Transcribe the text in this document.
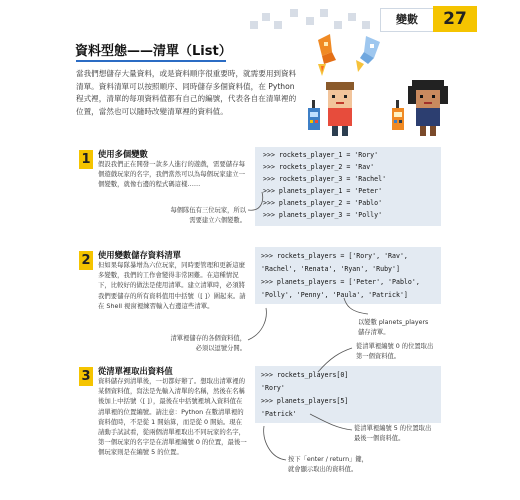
變數	27
資料型態——清單（List）
當我們想儲存大量資料，或是資料順序很重要時，就需要用到資料清單。資料清單可以按照順序、同時儲存多個資料值，在 Python 程式裡，清單的每項資料值都有自己的編號，代表各自在清單裡的位置，當然也可以隨時改變清單裡的資料值。
1 使用多個變數
假設我們正在開發一款多人進行的遊戲，需要儲存每個遊戲玩家的名字，我們當然可以為每個玩家建立一個變數，就像右邊的程式碼這樣……
>>> rockets_player_1 = 'Rory'
>>> rockets_player_2 = 'Rav'
>>> rockets_player_3 = 'Rachel'
>>> planets_player_1 = 'Peter'
>>> planets_player_2 = 'Pablo'
>>> planets_player_3 = 'Polly'
每個隊伍有三位玩家，所以
需要建立六個變數。
2 使用變數儲存資料清單
但如果每隊暴增為六位玩家，同時要管理和更新這麼多變數，我們的工作會變得非常困難。在這種情況下，比較好的做法是使用清單。建立清單時，必須將我們要儲存的所有資料值用中括號（[ ]）圍起來。請在 Shell 視窗裡練習輸入右邊這些清單。
>>> rockets_players = ['Rory', 'Rav',
'Rachel', 'Renata', 'Ryan', 'Ruby']
>>> planets_players = ['Peter', 'Pablo',
'Polly', 'Penny', 'Paula', 'Patrick']
以變數 planets_players
儲存清單。
清單裡儲存的各個資料值，
必須以逗號分開。
3 從清單裡取出資料值
資料儲存到清單後，一切都好辦了。想取出清單裡的某個資料值，寫法是先輸入清單的名稱，然後在名稱後加上中括號（[ ]），最後在中括號裡填入資料值在清單裡的位置編號。請注意：Python 在數清單裡的資料值時，不是從 1 開始算，而是從 0 開始。現在請動手試試看，從兩個清單裡取出不同玩家的名字，第一個玩家的名字是在清單裡編號 0 的位置，最後一個玩家則是在編號 5 的位置。
從清單裡編號 0 的位置取出
第一個資料值。
>>> rockets_players[0]
'Rory'
>>> planets_players[5]
'Patrick'
從清單裡編號 5 的位置取出
最後一個資料值。
按下「enter / return」鍵，
就會顯示取出的資料值。
